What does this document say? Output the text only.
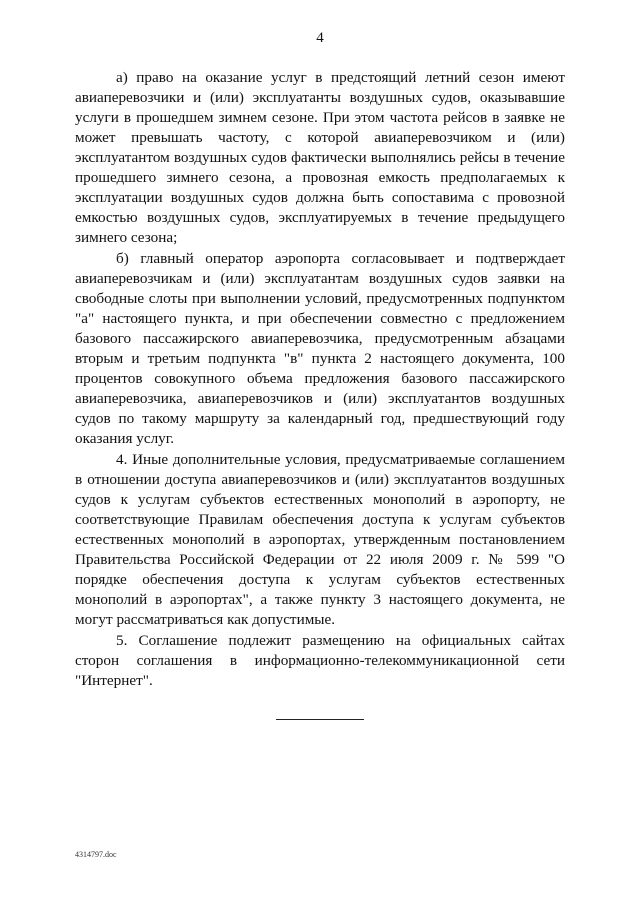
4

а) право на оказание услуг в предстоящий летний сезон имеют авиаперевозчики и (или) эксплуатанты воздушных судов, оказывавшие услуги в прошедшем зимнем сезоне. При этом частота рейсов в заявке не может превышать частоту, с которой авиаперевозчиком и (или) эксплуатантом воздушных судов фактически выполнялись рейсы в течение прошедшего зимнего сезона, а провозная емкость предполагаемых к эксплуатации воздушных судов должна быть сопоставима с провозной емкостью воздушных судов, эксплуатируемых в течение предыдущего зимнего сезона;

б) главный оператор аэропорта согласовывает и подтверждает авиаперевозчикам и (или) эксплуатантам воздушных судов заявки на свободные слоты при выполнении условий, предусмотренных подпунктом "а" настоящего пункта, и при обеспечении совместно с предложением базового пассажирского авиаперевозчика, предусмотренным абзацами вторым и третьим подпункта "в" пункта 2 настоящего документа, 100 процентов совокупного объема предложения базового пассажирского авиаперевозчика, авиаперевозчиков и (или) эксплуатантов воздушных судов по такому маршруту за календарный год, предшествующий году оказания услуг.

4. Иные дополнительные условия, предусматриваемые соглашением в отношении доступа авиаперевозчиков и (или) эксплуатантов воздушных судов к услугам субъектов естественных монополий в аэропорту, не соответствующие Правилам обеспечения доступа к услугам субъектов естественных монополий в аэропортах, утвержденным постановлением Правительства Российской Федерации от 22 июля 2009 г. № 599 "О порядке обеспечения доступа к услугам субъектов естественных монополий в аэропортах", а также пункту 3 настоящего документа, не могут рассматриваться как допустимые.

5. Соглашение подлежит размещению на официальных сайтах сторон соглашения в информационно-телекоммуникационной сети "Интернет".

4314797.doc
